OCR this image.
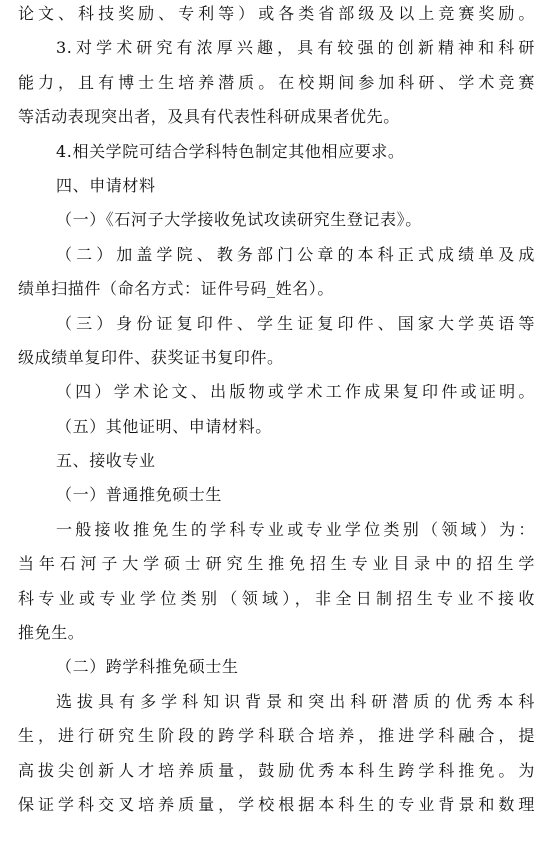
论文、科技奖励、专利等）或各类省部级及以上竞赛奖励。
3.对学术研究有浓厚兴趣，具有较强的创新精神和科研
能力，且有博士生培养潜质。在校期间参加科研、学术竞赛
等活动表现突出者，及具有代表性科研成果者优先。
4.相关学院可结合学科特色制定其他相应要求。
四、申请材料
（一）《石河子大学接收免试攻读研究生登记表》。
（二）加盖学院、教务部门公章的本科正式成绩单及成
绩单扫描件（命名方式：证件号码_姓名）。
（三）身份证复印件、学生证复印件、国家大学英语等
级成绩单复印件、获奖证书复印件。
（四）学术论文、出版物或学术工作成果复印件或证明。
（五）其他证明、申请材料。
五、接收专业
（一）普通推免硕士生
一般接收推免生的学科专业或专业学位类别（领域）为：
当年石河子大学硕士研究生推免招生专业目录中的招生学
科专业或专业学位类别（领域），非全日制招生专业不接收
推免生。
（二）跨学科推免硕士生
选拔具有多学科知识背景和突出科研潜质的优秀本科
生，进行研究生阶段的跨学科联合培养，推进学科融合，提
高拔尖创新人才培养质量，鼓励优秀本科生跨学科推免。为
保证学科交叉培养质量，学校根据本科生的专业背景和数理
